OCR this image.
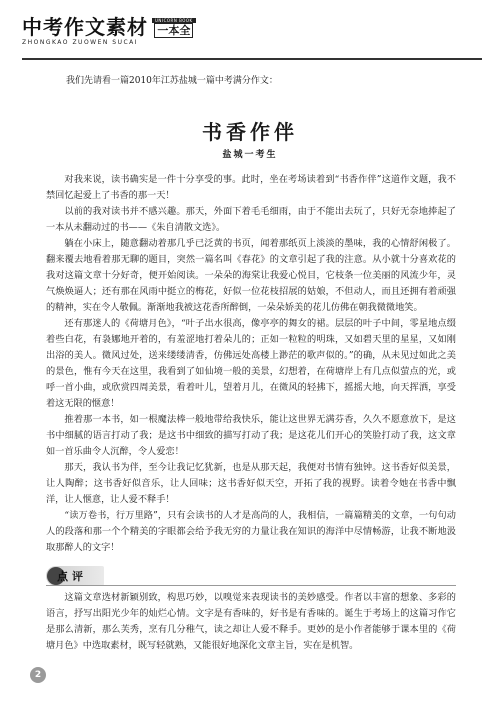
中考作文素材	UNICORN BOOK
一本全
ZHONGKAO ZUOWEN SUCAI
我们先请看一篇2010年江苏盐城一篇中考满分作文：
书香作伴
盐城一考生

对我来说，读书确实是一件十分享受的事。此时，坐在考场读着到“书香作伴”这道作文题，我不禁回忆起爱上了书香的那一天！

以前的我对读书并不感兴趣。那天，外面下着毛毛细雨，由于不能出去玩了，只好无奈地捧起了一本从未翻动过的书——《朱自清散文选》。

躺在小床上，随意翻动着那几乎已泛黄的书页，闻着那纸页上淡淡的墨味，我的心情舒闲极了。翻来覆去地看着那无聊的题目，突然一篇名叫《春花》的文章引起了我的注意。从小就十分喜欢花的我对这篇文章十分好奇，便开始阅读。一朵朵的海棠让我爱心悦目，它枝条一位美丽的风流少年，灵气焕焕逼人；还有那在风雨中挺立的梅花，好似一位花枝招展的姑娘，不但动人，而且还拥有着顽强的精神，实在令人敬佩。渐渐地我被这花香所醉倒，一朵朵娇美的花儿仿佛在朝我微微地笑。

还有那迷人的《荷塘月色》，“叶子出水很高，像亭亭的舞女的裙。层层的叶子中间，零星地点缀着些白花，有袅娜地开着的，有羞涩地打着朵儿的；正如一粒粒的明珠，又如碧天里的星星，又如刚出浴的美人。微风过处，送来缕缕清香，仿佛远处高楼上渺茫的歌声似的。”的确，从未见过如此之美的景色，惟有今天在这里，我看到了如仙境一般的美景，幻想着，在荷塘岸上有几点似萤点的光，或呼一首小曲，或欣赏四周美景，看着叶儿，望着月儿，在微风的轻拂下，摇摇大地，向天挥洒，享受着这无限的惬意！

推着那一本书，如一根魔法棒一般地带给我快乐，能让这世界无满芬香，久久不愿意放下，是这书中细腻的语言打动了我；是这书中细致的描写打动了我；是这花儿们开心的笑脸打动了我，这文章如一首乐曲令人沉醉，令人爱恋！

那天，我认书为伴，至今让我记忆犹新，也是从那天起，我便对书情有独钟。这书香好似美景，让人陶醉；这书香好似音乐，让人回味；这书香好似天空，开拓了我的视野。读着令她在书香中飘洋，让人惬意，让人爱不释手！

“读万卷书，行万里路”，只有会读书的人才是高尚的人，我相信，一篇篇精美的文章，一句句动人的段落和那一个个精美的字眼都会给予我无穷的力量让我在知识的海洋中尽情畅游，让我不断地汲取那醉人的文字！

点评

这篇文章选材新颖别致，构思巧妙，以嗅觉来表现读书的美妙感受。作者以丰富的想象、多彩的语言，抒写出阳光少年的灿烂心情。文字是有香味的，好书是有香味的。诞生于考场上的这篇习作它是那么清新，那么芙秀，烹有几分稚气，读之却让人爱不释手。更妙的是小作者能够于课本里的《荷塘月色》中选取素材，既写轻就熟，又能很好地深化文章主旨，实在是机智。

2
